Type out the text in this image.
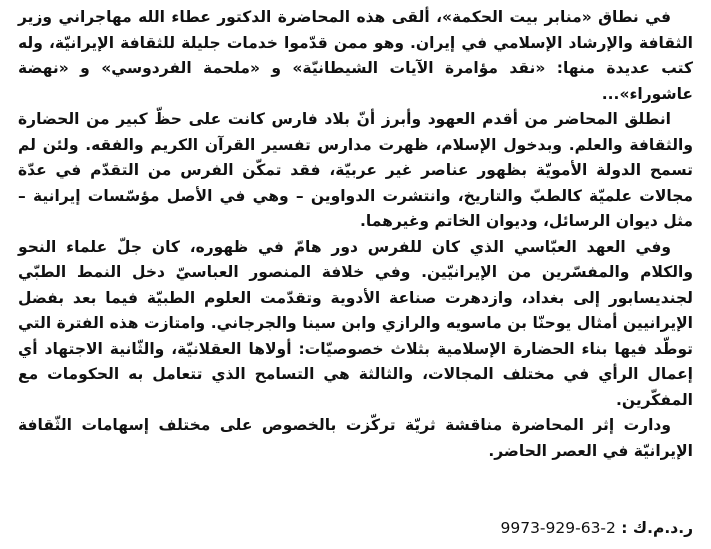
في نطاق «منابر بيت الحكمة»، ألقى هذه المحاضرة الدكتور عطاء الله مهاجراني وزير الثقافة والإرشاد الإسلامي في إيران. وهو ممن قدّموا خدمات جليلة للثقافة الإيرانيّة، وله كتب عديدة منها: «نقد مؤامرة الآيات الشيطانيّة» و «ملحمة الفردوسي» و «نهضة عاشوراء»...

انطلق المحاضر من أقدم العهود وأبرز أنّ بلاد فارس كانت على حظّ كبير من الحضارة والثقافة والعلم. وبدخول الإسلام، ظهرت مدارس تفسير القرآن الكريم والفقه. ولئن لم تسمح الدولة الأمويّة بظهور عناصر غير عربيّة، فقد تمكّن الفرس من التقدّم في عدّة مجالات علميّة كالطبّ والتاريخ، وانتشرت الدواوين – وهي في الأصل مؤسّسات إيرانية – مثل ديوان الرسائل، وديوان الخاتم وغيرهما.

وفي العهد العبّاسي الذي كان للفرس دور هامّ في ظهوره، كان جلّ علماء النحو والكلام والمفسّرين من الإيرانيّين. وفي خلافة المنصور العباسيّ دخل النمط الطبّي لجنديسابور إلى بغداد، وازدهرت صناعة الأدوية وتقدّمت العلوم الطبيّة فيما بعد بفضل الإيرانيين أمثال يوحنّا بن ماسويه والرازي وابن سينا والجرجاني. وامتازت هذه الفترة التي توطّد فيها بناء الحضارة الإسلامية بثلاث خصوصيّات: أولاها العقلانيّة، والثّانية الاجتهاد أي إعمال الرأي في مختلف المجالات، والثالثة هي التسامح الذي تتعامل به الحكومات مع المفكّرين.

ودارت إثر المحاضرة مناقشة ثريّة تركّزت بالخصوص على مختلف إسهامات الثّقافة الإيرانيّة في العصر الحاضر.

ر.د.م.ك : 9973-929-63-2
